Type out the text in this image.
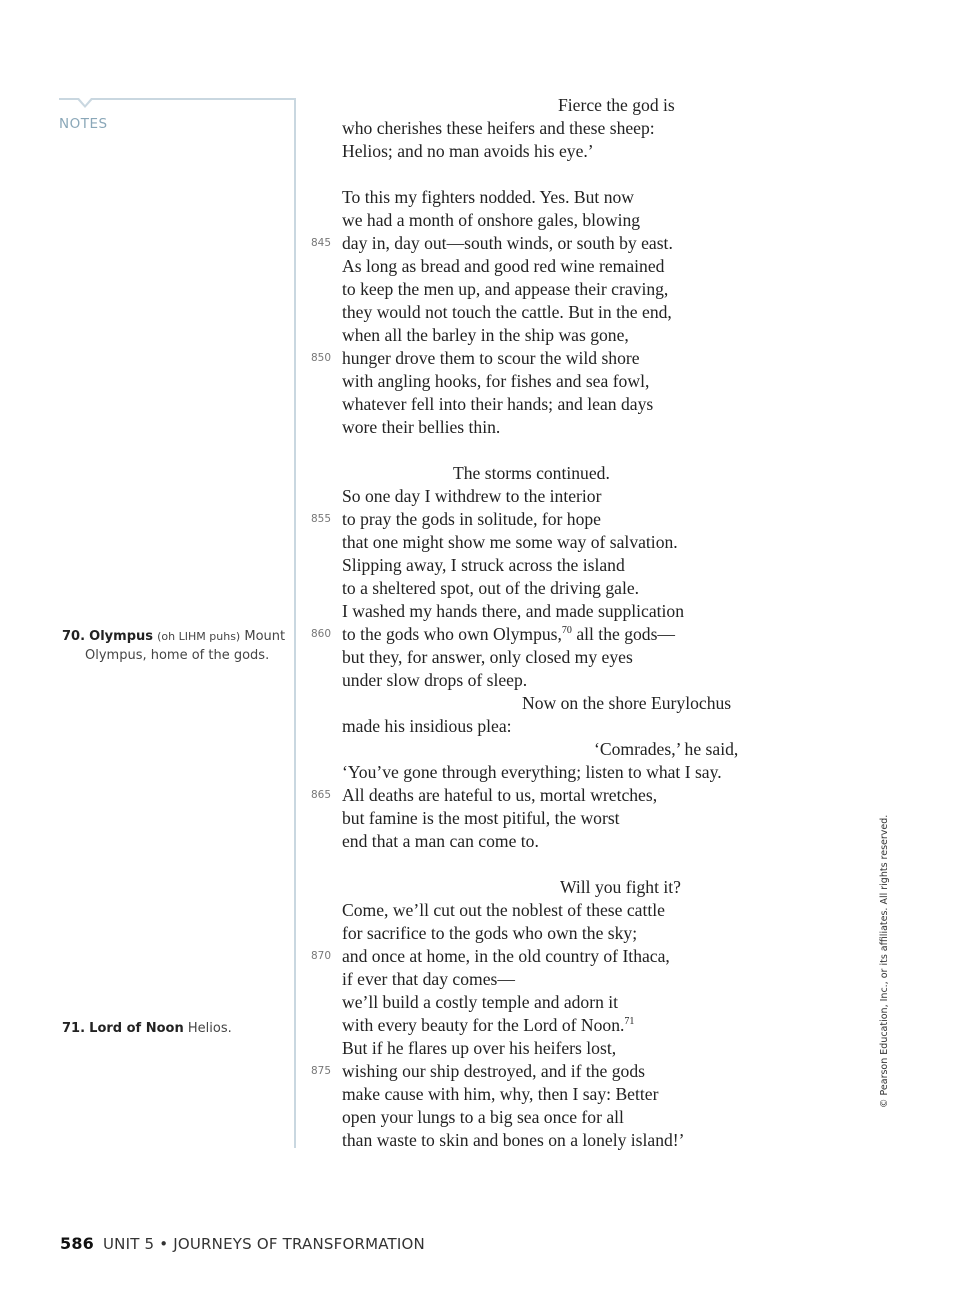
NOTES
70. Olympus (oh LIHM puhs) Mount
Olympus, home of the gods.
71. Lord of Noon Helios.
Fierce the god is
who cherishes these heifers and these sheep:
Helios; and no man avoids his eye.’
To this my fighters nodded. Yes. But now
we had a month of onshore gales, blowing
845 day in, day out—south winds, or south by east.
As long as bread and good red wine remained
to keep the men up, and appease their craving,
they would not touch the cattle. But in the end,
when all the barley in the ship was gone,
850 hunger drove them to scour the wild shore
with angling hooks, for fishes and sea fowl,
whatever fell into their hands; and lean days
wore their bellies thin.
The storms continued.
So one day I withdrew to the interior
855 to pray the gods in solitude, for hope
that one might show me some way of salvation.
Slipping away, I struck across the island
to a sheltered spot, out of the driving gale.
I washed my hands there, and made supplication
860 to the gods who own Olympus,$^{70}$ all the gods—
but they, for answer, only closed my eyes
under slow drops of sleep.
Now on the shore Eurylochus
made his insidious plea:
‘Comrades,’ he said,
‘You’ve gone through everything; listen to what I say.
865 All deaths are hateful to us, mortal wretches,
but famine is the most pitiful, the worst
end that a man can come to.
Will you fight it?
Come, we’ll cut out the noblest of these cattle
for sacrifice to the gods who own the sky;
870 and once at home, in the old country of Ithaca,
if ever that day comes—
we’ll build a costly temple and adorn it
with every beauty for the Lord of Noon.$^{71}$
But if he flares up over his heifers lost,
875 wishing our ship destroyed, and if the gods
make cause with him, why, then I say: Better
open your lungs to a big sea once for all
than waste to skin and bones on a lonely island!’
© Pearson Education, Inc., or its affiliates. All rights reserved.
586 UNIT 5 • JOURNEYS OF TRANSFORMATION
